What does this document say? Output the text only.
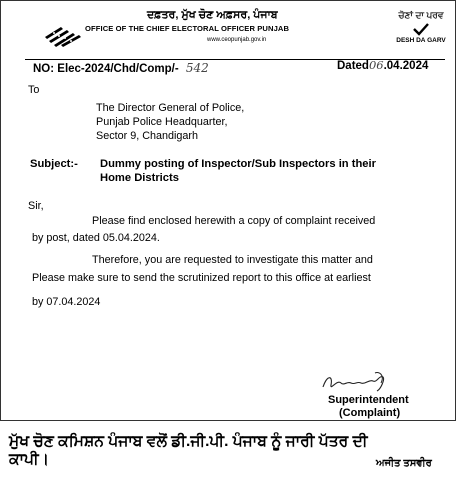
ਦਫ਼ਤਰ, ਮੁੱਖ ਚੋਣ ਅਫ਼ਸਰ, ਪੰਜਾਬ
OFFICE OF THE CHIEF ELECTORAL OFFICER PUNJAB
www.ceopunjab.gov.in
ਚੋਣਾਂ ਦਾ ਪਰਵ
DESH DA GARV
NO: Elec-2024/Chd/Comp/- 542	Dated06.04.2024
To
The Director General of Police,
Punjab Police Headquarter,
Sector 9, Chandigarh
Subject:- Dummy posting of Inspector/Sub Inspectors in their
Home Districts
Sir,
Please find enclosed herewith a copy of complaint received
by post, dated 05.04.2024.
Therefore, you are requested to investigate this matter and
Please make sure to send the scrutinized report to this office at earliest
by 07.04.2024
Superintendent
(Complaint)
ਮੁੱਖ ਚੋਣ ਕਮਿਸ਼ਨ ਪੰਜਾਬ ਵਲੋਂ ਡੀ.ਜੀ.ਪੀ. ਪੰਜਾਬ ਨੂੰ ਜਾਰੀ ਪੱਤਰ ਦੀ
ਕਾਪੀ।	ਅਜੀਤ ਤਸਵੀਰ
